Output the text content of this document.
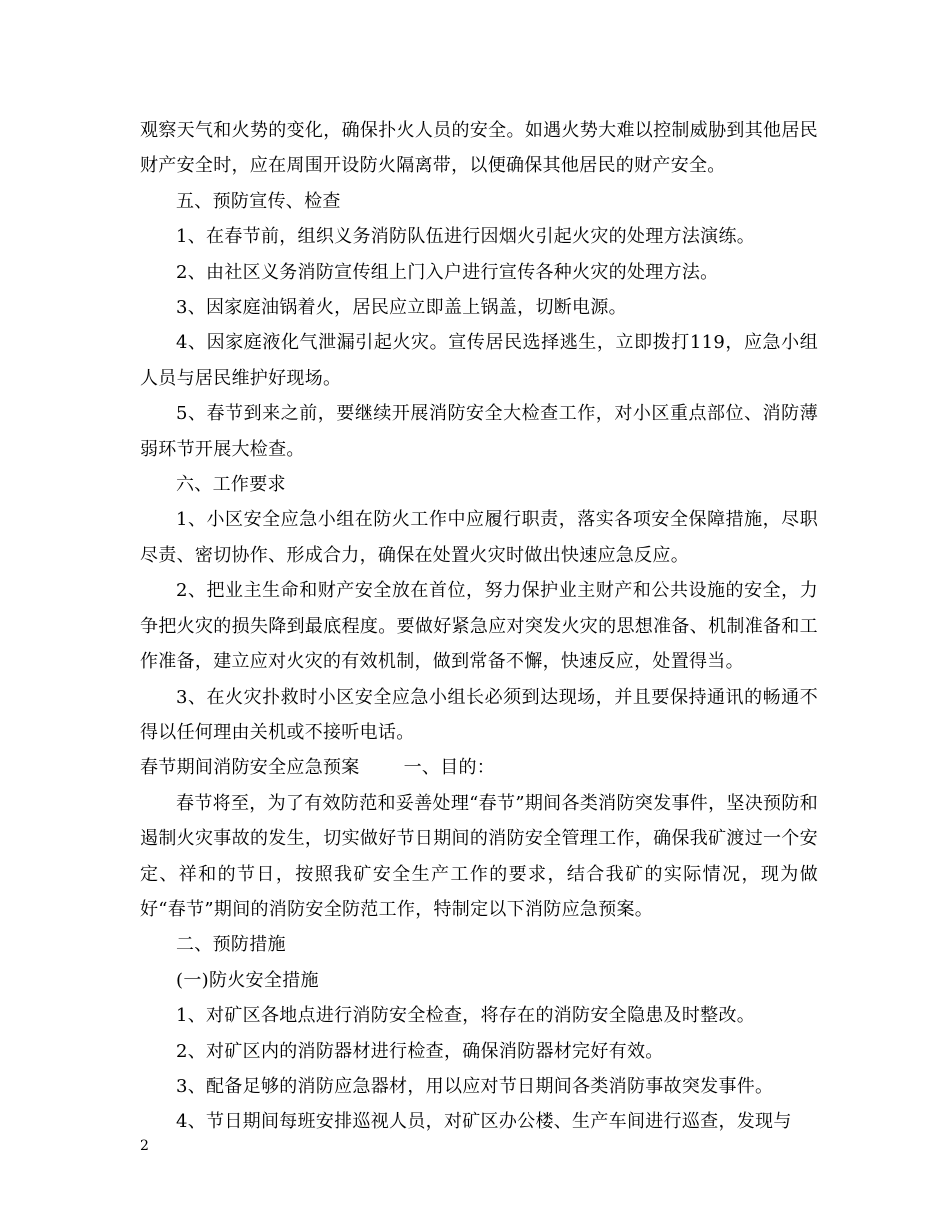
观察天气和火势的变化，确保扑火人员的安全。如遇火势大难以控制威胁到其他居民财产安全时，应在周围开设防火隔离带，以便确保其他居民的财产安全。

五、预防宣传、检查

1、在春节前，组织义务消防队伍进行因烟火引起火灾的处理方法演练。

2、由社区义务消防宣传组上门入户进行宣传各种火灾的处理方法。

3、因家庭油锅着火，居民应立即盖上锅盖，切断电源。

4、因家庭液化气泄漏引起火灾。宣传居民选择逃生，立即拨打119，应急小组人员与居民维护好现场。

5、春节到来之前，要继续开展消防安全大检查工作，对小区重点部位、消防薄弱环节开展大检查。

六、工作要求

1、小区安全应急小组在防火工作中应履行职责，落实各项安全保障措施，尽职尽责、密切协作、形成合力，确保在处置火灾时做出快速应急反应。

2、把业主生命和财产安全放在首位，努力保护业主财产和公共设施的安全，力争把火灾的损失降到最底程度。要做好紧急应对突发火灾的思想准备、机制准备和工作准备，建立应对火灾的有效机制，做到常备不懈，快速反应，处置得当。

3、在火灾扑救时小区安全应急小组长必须到达现场，并且要保持通讯的畅通不得以任何理由关机或不接听电话。

春节期间消防安全应急预案 一、目的：

春节将至，为了有效防范和妥善处理“春节”期间各类消防突发事件，坚决预防和遏制火灾事故的发生，切实做好节日期间的消防安全管理工作，确保我矿渡过一个安定、祥和的节日，按照我矿安全生产工作的要求，结合我矿的实际情况，现为做好“春节”期间的消防安全防范工作，特制定以下消防应急预案。

二、预防措施

(一)防火安全措施

1、对矿区各地点进行消防安全检查，将存在的消防安全隐患及时整改。

2、对矿区内的消防器材进行检查，确保消防器材完好有效。

3、配备足够的消防应急器材，用以应对节日期间各类消防事故突发事件。

4、节日期间每班安排巡视人员，对矿区办公楼、生产车间进行巡查，发现与

2
